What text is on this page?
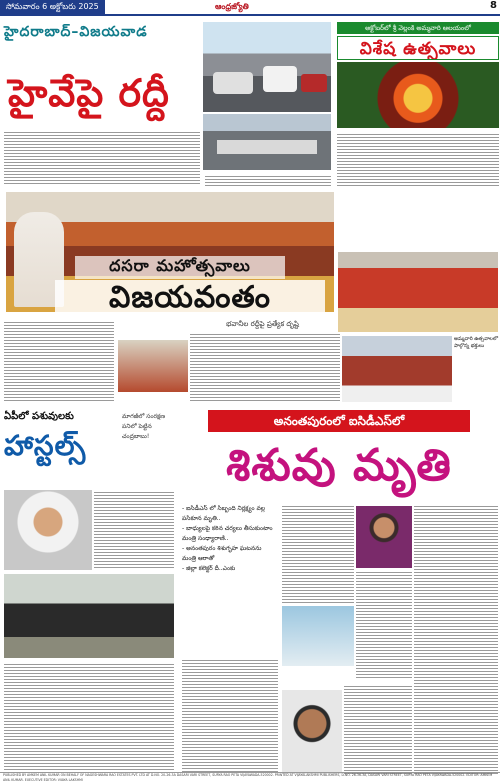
సోమవారం 6 అక్టోబరు 2025	ఆంధ్రజ్యోతి	8
హైదరాబాద్–విజయవాడ
హైవేపై రద్దీ
అక్టోబర్‌లో శ్రీ వెల్లంకి అమ్మవారి ఆలయంలో
విశేష ఉత్సవాలు
దసరా మహోత్సవాలు
విజయవంతం
భవానీల రద్దీపై ప్రత్యేక దృష్టి
అమ్మవారి ఉత్సవాలలో పాల్గొన్న భక్తులు
ఏపీలో పశువులకు
హాస్టల్స్
మాగజీలో సంరక్షణ పనిలో పెట్టిన చంద్రబాబు!
అనంతపురంలో ఐసిడీఎస్‌లో
శిశువు మృతి
- ఐసిడీఎస్ లో సిబ్బంది నిర్లక్ష్యం వల్ల పసికూన మృతి..
- బాధ్యులపై కఠిన చర్యలు తీసుకుంటాం
మంత్రి సంధ్యారాణి..
- అనంతపురం శిశుగృహ ఘటనను
మంత్రి ఆరాతో
- జిల్లా కలెక్టర్ దీ..ఎంకు
PUBLISHED BY AMKEM ANIL KUMAR ON BEHALF OF NAGESHWARA RAO ESTATES PVT. LTD AT D.NO. 20-26-3A DASARI VARI STREET, SURYA RAO PETA VIJAYAWADA-520002. PRINTED AT VIJAYALAKSHMI PUBLISHERS, D.NO. 26-36-3A, DASARI VARI STREET, SURYA RAO PETA VIJAYAWADA-520002. EDITOR: AMKEM ANIL KUMAR, EXECUTIVE EDITOR: VIJAYA LAKSHMI
